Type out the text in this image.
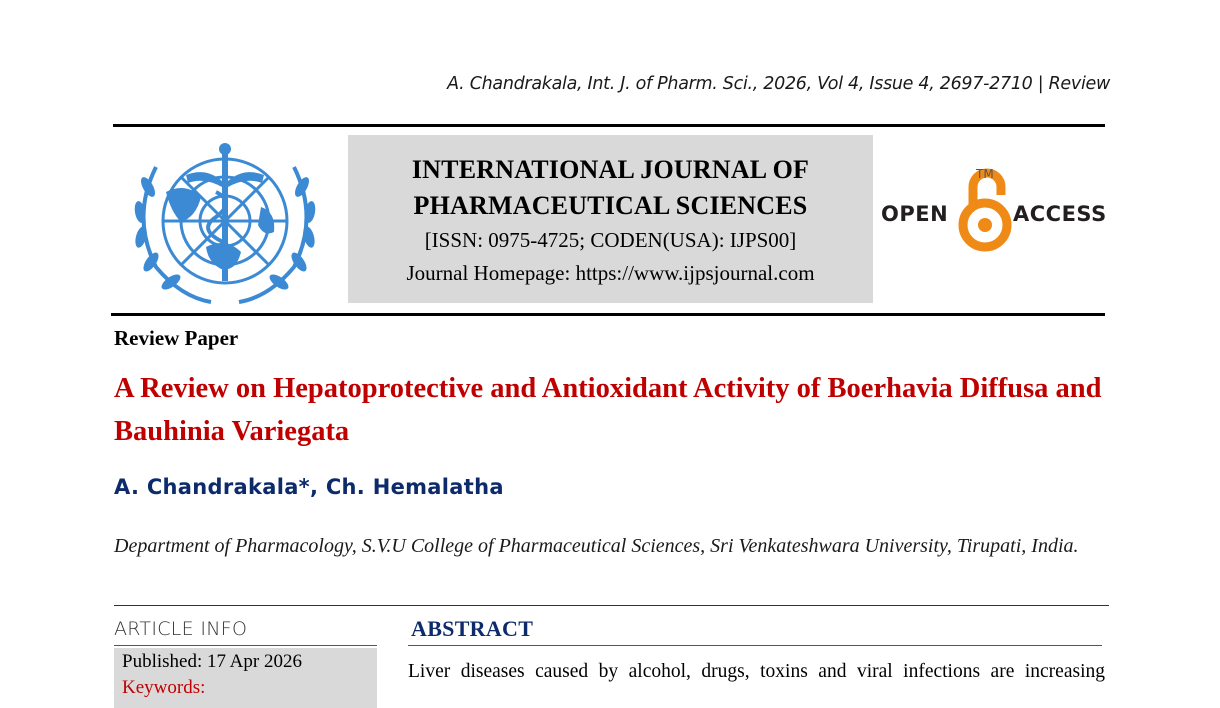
A. Chandrakala, Int. J. of Pharm. Sci., 2026, Vol 4, Issue 4, 2697-2710 | Review
INTERNATIONAL JOURNAL OF PHARMACEUTICAL SCIENCES
[ISSN: 0975-4725; CODEN(USA): IJPS00]
Journal Homepage: https://www.ijpsjournal.com
OPEN
TM
ACCESS
Review Paper
A Review on Hepatoprotective and Antioxidant Activity of Boerhavia Diffusa and Bauhinia Variegata
A. Chandrakala*, Ch. Hemalatha
Department of Pharmacology, S.V.U College of Pharmaceutical Sciences, Sri Venkateshwara University, Tirupati, India.
ARTICLE INFO
Published: 17 Apr 2026
Keywords:
ABSTRACT
Liver diseases caused by alcohol, drugs, toxins and viral infections are increasing
